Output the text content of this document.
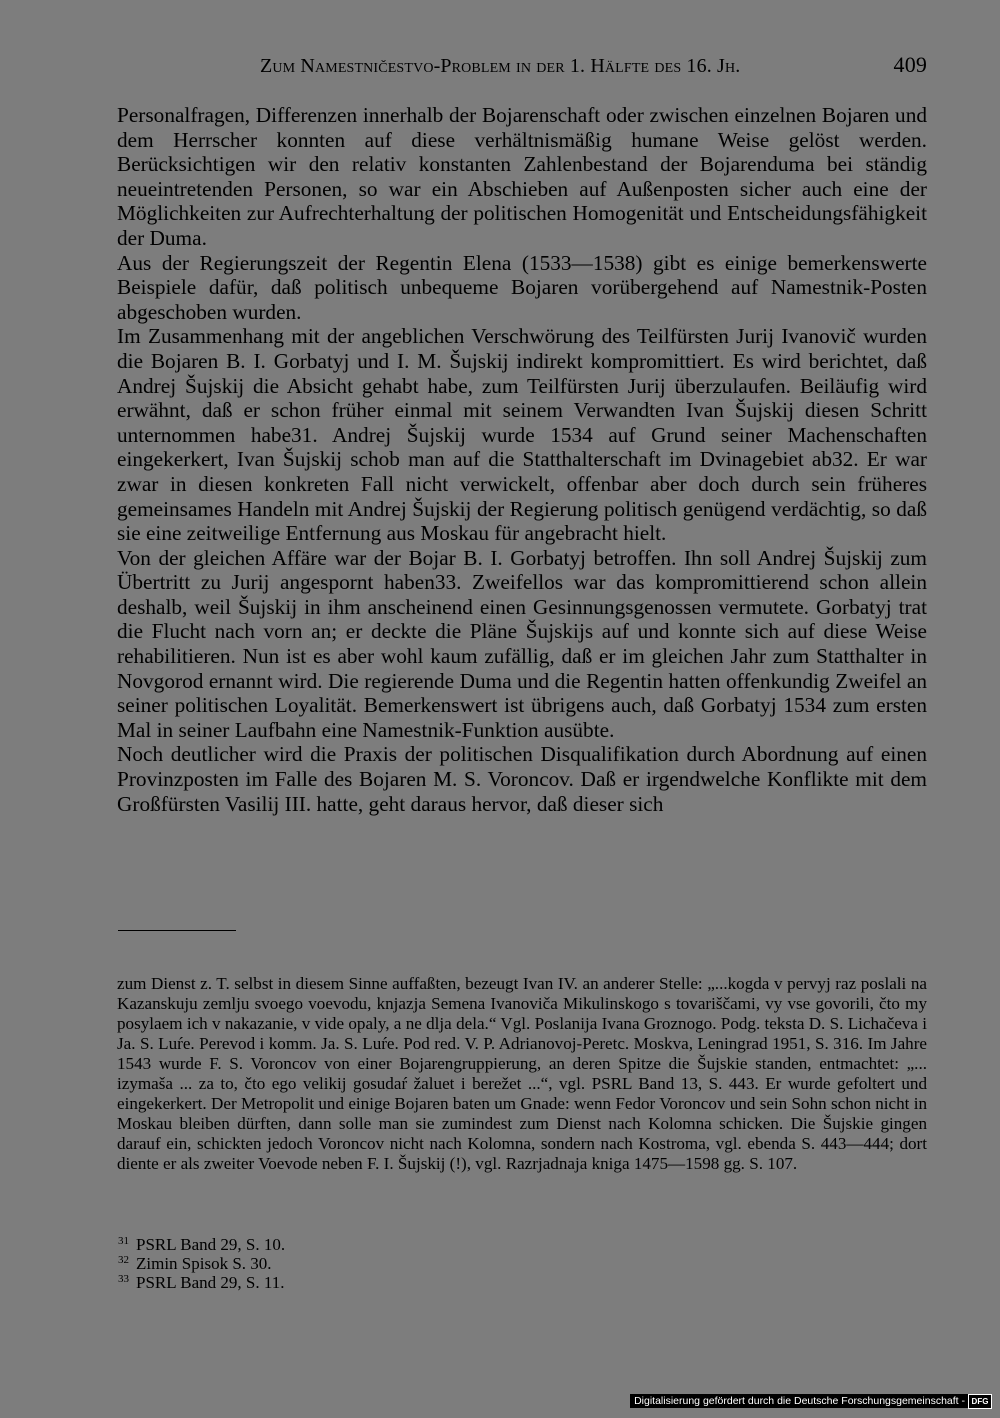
Zum Namestničestvo-Problem in der 1. Hälfte des 16. Jh.	409

Personalfragen, Differenzen innerhalb der Bojarenschaft oder zwischen einzelnen Bojaren und dem Herrscher konnten auf diese verhältnismäßig humane Weise gelöst werden. Berücksichtigen wir den relativ konstanten Zahlenbestand der Bojarenduma bei ständig neueintretenden Personen, so war ein Abschieben auf Außenposten sicher auch eine der Möglichkeiten zur Aufrechterhaltung der politischen Homogenität und Entscheidungsfähigkeit der Duma.

Aus der Regierungszeit der Regentin Elena (1533—1538) gibt es einige bemerkenswerte Beispiele dafür, daß politisch unbequeme Bojaren vorübergehend auf Namestnik-Posten abgeschoben wurden.

Im Zusammenhang mit der angeblichen Verschwörung des Teilfürsten Jurij Ivanovič wurden die Bojaren B. I. Gorbatyj und I. M. Šujskij indirekt kompromittiert. Es wird berichtet, daß Andrej Šujskij die Absicht gehabt habe, zum Teilfürsten Jurij überzulaufen. Beiläufig wird erwähnt, daß er schon früher einmal mit seinem Verwandten Ivan Šujskij diesen Schritt unternommen habe31. Andrej Šujskij wurde 1534 auf Grund seiner Machenschaften eingekerkert, Ivan Šujskij schob man auf die Statthalterschaft im Dvinagebiet ab32. Er war zwar in diesen konkreten Fall nicht verwickelt, offenbar aber doch durch sein früheres gemeinsames Handeln mit Andrej Šujskij der Regierung politisch genügend verdächtig, so daß sie eine zeitweilige Entfernung aus Moskau für angebracht hielt.

Von der gleichen Affäre war der Bojar B. I. Gorbatyj betroffen. Ihn soll Andrej Šujskij zum Übertritt zu Jurij angespornt haben33. Zweifellos war das kompromittierend schon allein deshalb, weil Šujskij in ihm anscheinend einen Gesinnungsgenossen vermutete. Gorbatyj trat die Flucht nach vorn an; er deckte die Pläne Šujskijs auf und konnte sich auf diese Weise rehabilitieren. Nun ist es aber wohl kaum zufällig, daß er im gleichen Jahr zum Statthalter in Novgorod ernannt wird. Die regierende Duma und die Regentin hatten offenkundig Zweifel an seiner politischen Loyalität. Bemerkenswert ist übrigens auch, daß Gorbatyj 1534 zum ersten Mal in seiner Laufbahn eine Namestnik-Funktion ausübte.

Noch deutlicher wird die Praxis der politischen Disqualifikation durch Abordnung auf einen Provinzposten im Falle des Bojaren M. S. Voroncov. Daß er irgendwelche Konflikte mit dem Großfürsten Vasilij III. hatte, geht daraus hervor, daß dieser sich

zum Dienst z. T. selbst in diesem Sinne auffaßten, bezeugt Ivan IV. an anderer Stelle: „...kogda v pervyj raz poslali na Kazanskuju zemlju svoego voevodu, knjazja Semena Ivanoviča Mikulinskogo s tovariščami, vy vse govorili, čto my posylaem ich v nakazanie, v vide opaly, a ne dlja dela.“ Vgl. Poslanija Ivana Groznogo. Podg. teksta D. S. Lichačeva i Ja. S. Luŕe. Perevod i komm. Ja. S. Luŕe. Pod red. V. P. Adrianovoj-Peretc. Moskva, Leningrad 1951, S. 316. Im Jahre 1543 wurde F. S. Voroncov von einer Bojarengruppierung, an deren Spitze die Šujskie standen, entmachtet: „... izymaša ... za to, čto ego velikij gosudaŕ žaluet i berežet ...“, vgl. PSRL Band 13, S. 443. Er wurde gefoltert und eingekerkert. Der Metropolit und einige Bojaren baten um Gnade: wenn Fedor Voroncov und sein Sohn schon nicht in Moskau bleiben dürften, dann solle man sie zumindest zum Dienst nach Kolomna schicken. Die Šujskie gingen darauf ein, schickten jedoch Voroncov nicht nach Kolomna, sondern nach Kostroma, vgl. ebenda S. 443—444; dort diente er als zweiter Voevode neben F. I. Šujskij (!), vgl. Razrjadnaja kniga 1475—1598 gg. S. 107.
31 PSRL Band 29, S. 10.
32 Zimin Spisok S. 30.
33 PSRL Band 29, S. 11.
Digitalisierung gefördert durch die Deutsche Forschungsgemeinschaft - DFG
